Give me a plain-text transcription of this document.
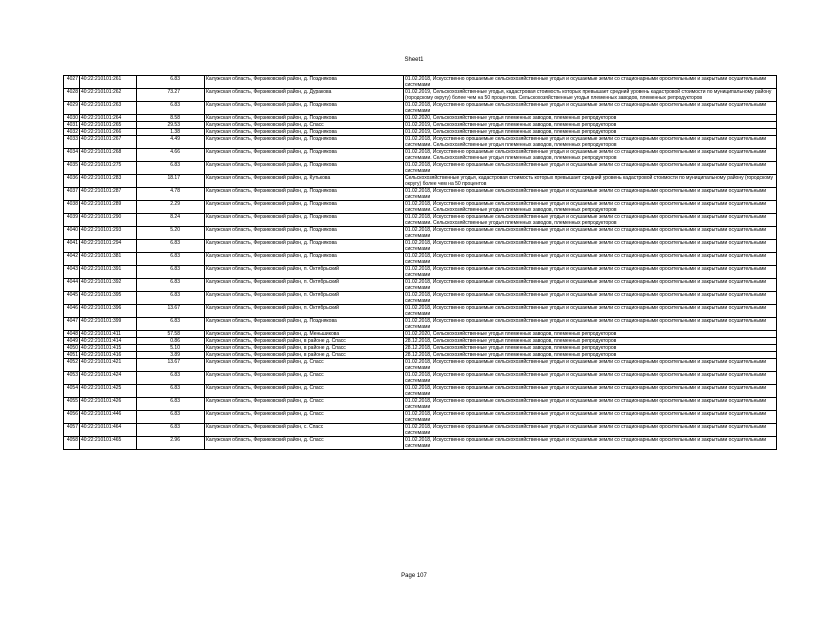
Sheet1
4027	40:22:210101:261	6.83	Калужская область, Ферзиковский район, д. Позднякова	01.02.2018, Искусственно орошаемые сельскохозяйственные угодья и осушаемые земли со стационарными оросительными и закрытыми осушительными системами
4028	40:22:210101:262	73.27	Калужская область, Ферзиковский район, д. Дуракова	01.02.2019, Сельскохозяйственные угодья, кадастровая стоимость которых превышает средний уровень кадастровой стоимости по муниципальному району (городскому округу) более чем на 50 процентов. Сельскохозяйственные угодья племенных заводов, племенных репродукторов
4029	40:22:210101:263	6.83	Калужская область, Ферзиковский район, д. Позднякова	01.02.2018, Искусственно орошаемые сельскохозяйственные угодья и осушаемые земли со стационарными оросительными и закрытыми осушительными системами
4030	40:22:210101:264	8.58	Калужская область, Ферзиковский район, д. Позднякова	01.02.2020, Сельскохозяйственные угодья племенных заводов, племенных репродукторов
4031	40:22:210101:265	29.53	Калужская область, Ферзиковский район, д. Спасс	01.02.2019, Сельскохозяйственные угодья племенных заводов, племенных репродукторов
4032	40:22:210101:266	1.38	Калужская область, Ферзиковский район, д. Позднякова	01.02.2019, Сельскохозяйственные угодья племенных заводов, племенных репродукторов
4033	40:22:210101:267	4.49	Калужская область, Ферзиковский район, д. Позднякова	01.02.2018, Искусственно орошаемые сельскохозяйственные угодья и осушаемые земли со стационарными оросительными и закрытыми осушительными системами. Сельскохозяйственные угодья племенных заводов, племенных репродукторов
4034	40:22:210101:268	4.66	Калужская область, Ферзиковский район, д. Позднякова	01.02.2018, Искусственно орошаемые сельскохозяйственные угодья и осушаемые земли со стационарными оросительными и закрытыми осушительными системами. Сельскохозяйственные угодья племенных заводов, племенных репродукторов
4035	40:22:210101:275	6.83	Калужская область, Ферзиковский район, д. Позднякова	01.02.2018, Искусственно орошаемые сельскохозяйственные угодья и осушаемые земли со стационарными оросительными и закрытыми осушительными системами
4036	40:22:210101:283	18.17	Калужская область, Ферзиковский район, д. Кутькова	Сельскохозяйственные угодья, кадастровая стоимость которых превышает средний уровень кадастровой стоимости по муниципальному району (городскому округу) более чем на 50 процентов
4037	40:22:210101:287	4.78	Калужская область, Ферзиковский район, д. Позднякова	01.02.2018, Искусственно орошаемые сельскохозяйственные угодья и осушаемые земли со стационарными оросительными и закрытыми осушительными системами
4038	40:22:210101:289	2.29	Калужская область, Ферзиковский район, д. Позднякова	01.02.2018, Искусственно орошаемые сельскохозяйственные угодья и осушаемые земли со стационарными оросительными и закрытыми осушительными системами. Сельскохозяйственные угодья племенных заводов, племенных репродукторов
4039	40:22:210101:290	8.24	Калужская область, Ферзиковский район, д. Позднякова	01.02.2018, Искусственно орошаемые сельскохозяйственные угодья и осушаемые земли со стационарными оросительными и закрытыми осушительными системами. Сельскохозяйственные угодья племенных заводов, племенных репродукторов
4040	40:22:210101:293	5.20	Калужская область, Ферзиковский район, д. Позднякова	01.02.2018, Искусственно орошаемые сельскохозяйственные угодья и осушаемые земли со стационарными оросительными и закрытыми осушительными системами
4041	40:22:210101:294	6.83	Калужская область, Ферзиковский район, д. Позднякова	01.02.2018, Искусственно орошаемые сельскохозяйственные угодья и осушаемые земли со стационарными оросительными и закрытыми осушительными системами
4042	40:22:210101:381	6.83	Калужская область, Ферзиковский район, д. Позднякова	01.02.2018, Искусственно орошаемые сельскохозяйственные угодья и осушаемые земли со стационарными оросительными и закрытыми осушительными системами
4043	40:22:210101:391	6.83	Калужская область, Ферзиковский район, п. Октябрьский	01.02.2018, Искусственно орошаемые сельскохозяйственные угодья и осушаемые земли со стационарными оросительными и закрытыми осушительными системами
4044	40:22:210101:392	6.83	Калужская область, Ферзиковский район, п. Октябрьский	01.02.2018, Искусственно орошаемые сельскохозяйственные угодья и осушаемые земли со стационарными оросительными и закрытыми осушительными системами
4045	40:22:210101:395	6.83	Калужская область, Ферзиковский район, п. Октябрьский	01.02.2018, Искусственно орошаемые сельскохозяйственные угодья и осушаемые земли со стационарными оросительными и закрытыми осушительными системами
4046	40:22:210101:396	13.67	Калужская область, Ферзиковский район, п. Октябрьский	01.02.2018, Искусственно орошаемые сельскохозяйственные угодья и осушаемые земли со стационарными оросительными и закрытыми осушительными системами
4047	40:22:210101:399	6.83	Калужская область, Ферзиковский район, д. Позднякова	01.02.2018, Искусственно орошаемые сельскохозяйственные угодья и осушаемые земли со стационарными оросительными и закрытыми осушительными системами
4048	40:22:210101:411	57.58	Калужская область, Ферзиковский район, д. Меньшикова	01.02.2020, Сельскохозяйственные угодья племенных заводов, племенных репродукторов
4049	40:22:210101:414	0.86	Калужская область, Ферзиковский район, в районе д. Спасс	28.12.2018, Сельскохозяйственные угодья племенных заводов, племенных репродукторов
4050	40:22:210101:415	5.10	Калужская область, Ферзиковский район, в районе д. Спасс	28.12.2018, Сельскохозяйственные угодья племенных заводов, племенных репродукторов
4051	40:22:210101:416	3.89	Калужская область, Ферзиковский район, в районе д. Спасс	28.12.2018, Сельскохозяйственные угодья племенных заводов, племенных репродукторов
4052	40:22:210101:421	13.67	Калужская область, Ферзиковский район, д. Спасс	01.02.2018, Искусственно орошаемые сельскохозяйственные угодья и осушаемые земли со стационарными оросительными и закрытыми осушительными системами
4053	40:22:210101:424	6.83	Калужская область, Ферзиковский район, д. Спасс	01.02.2018, Искусственно орошаемые сельскохозяйственные угодья и осушаемые земли со стационарными оросительными и закрытыми осушительными системами
4054	40:22:210101:425	6.83	Калужская область, Ферзиковский район, д. Спасс	01.02.2018, Искусственно орошаемые сельскохозяйственные угодья и осушаемые земли со стационарными оросительными и закрытыми осушительными системами
4055	40:22:210101:426	6.83	Калужская область, Ферзиковский район, д. Спасс	01.02.2018, Искусственно орошаемые сельскохозяйственные угодья и осушаемые земли со стационарными оросительными и закрытыми осушительными системами
4056	40:22:210101:446	6.83	Калужская область, Ферзиковский район, д. Спасс	01.02.2018, Искусственно орошаемые сельскохозяйственные угодья и осушаемые земли со стационарными оросительными и закрытыми осушительными системами
4057	40:22:210101:464	6.83	Калужская область, Ферзиковский район, с. Спасс	01.02.2018, Искусственно орошаемые сельскохозяйственные угодья и осушаемые земли со стационарными оросительными и закрытыми осушительными системами
4058	40:22:210101:465	2.96	Калужская область, Ферзиковский район, д. Спасс	01.02.2018, Искусственно орошаемые сельскохозяйственные угодья и осушаемые земли со стационарными оросительными и закрытыми осушительными системами
Page 107
